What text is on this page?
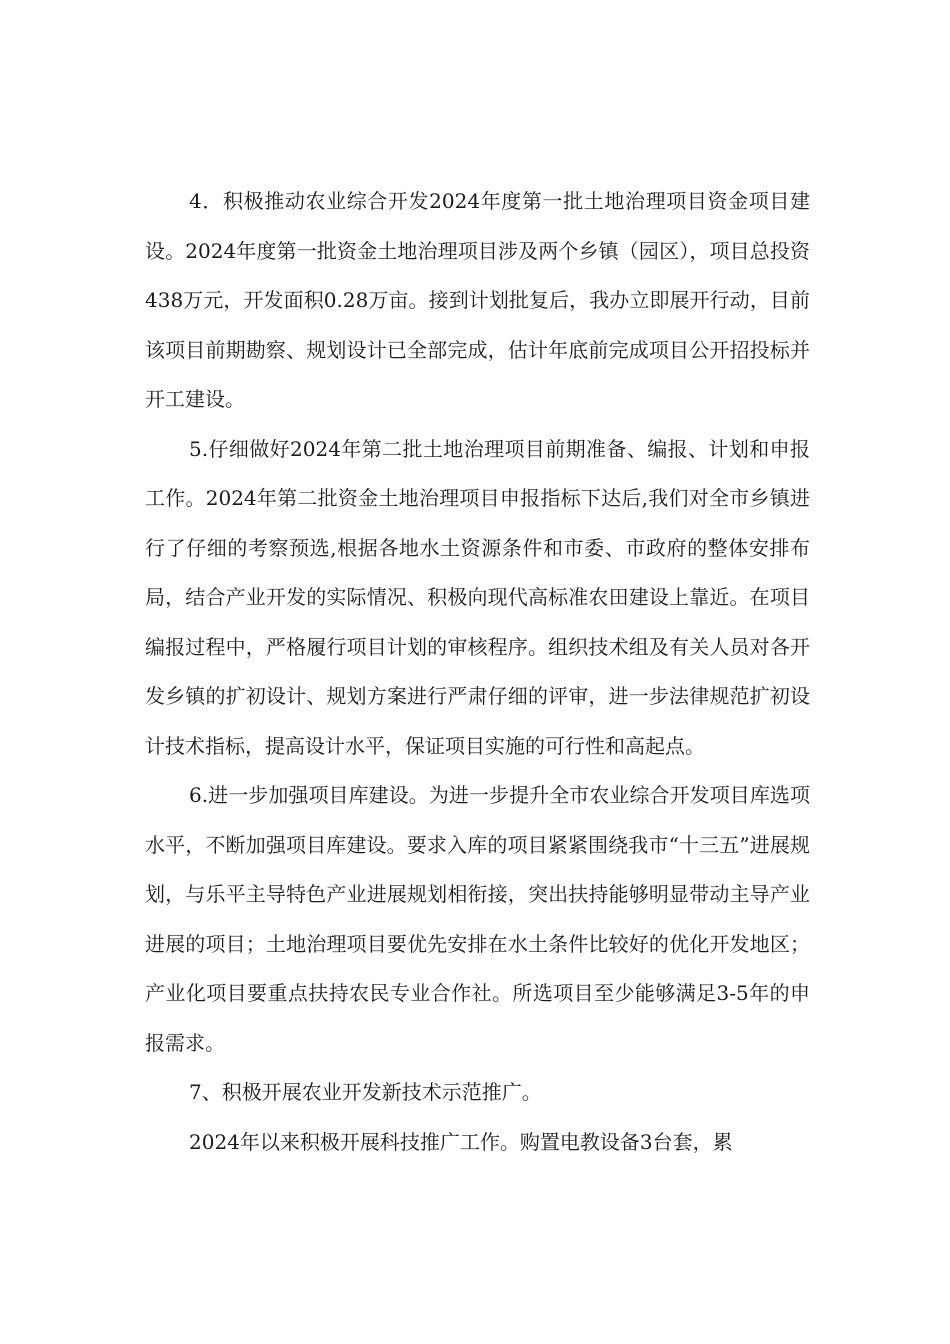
4．积极推动农业综合开发2024年度第一批土地治理项目资金项目建设。2024年度第一批资金土地治理项目涉及两个乡镇（园区），项目总投资438万元，开发面积0.28万亩。接到计划批复后，我办立即展开行动，目前该项目前期勘察、规划设计已全部完成，估计年底前完成项目公开招投标并开工建设。

5.仔细做好2024年第二批土地治理项目前期准备、编报、计划和申报工作。2024年第二批资金土地治理项目申报指标下达后,我们对全市乡镇进行了仔细的考察预选,根据各地水土资源条件和市委、市政府的整体安排布局，结合产业开发的实际情况、积极向现代高标准农田建设上靠近。在项目编报过程中，严格履行项目计划的审核程序。组织技术组及有关人员对各开发乡镇的扩初设计、规划方案进行严肃仔细的评审，进一步法律规范扩初设计技术指标，提高设计水平，保证项目实施的可行性和高起点。

6.进一步加强项目库建设。为进一步提升全市农业综合开发项目库选项水平，不断加强项目库建设。要求入库的项目紧紧围绕我市“十三五”进展规划，与乐平主导特色产业进展规划相衔接，突出扶持能够明显带动主导产业进展的项目；土地治理项目要优先安排在水土条件比较好的优化开发地区；产业化项目要重点扶持农民专业合作社。所选项目至少能够满足3-5年的申报需求。

7、积极开展农业开发新技术示范推广。

2024年以来积极开展科技推广工作。购置电教设备3台套，累
